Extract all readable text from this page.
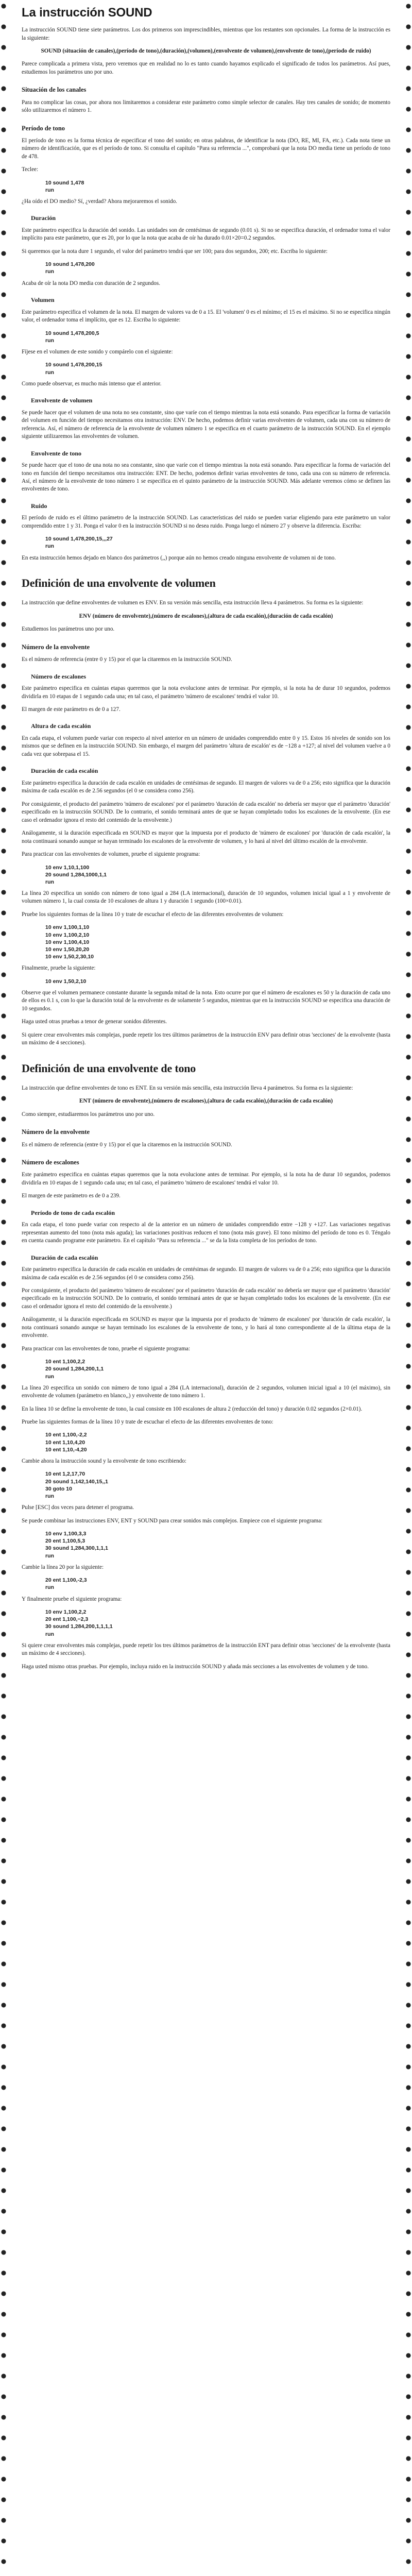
La instrucción SOUND

La instrucción SOUND tiene siete parámetros. Los dos primeros son imprescindibles, mientras que los restantes son opcionales. La forma de la instrucción es la siguiente:

SOUND (situación de canales),(período de tono),(duración),(volumen),(envolvente de volumen),(envolvente de tono),(período de ruido)

Parece complicada a primera vista, pero veremos que en realidad no lo es tanto cuando hayamos explicado el significado de todos los parámetros. Así pues, estudiemos los parámetros uno por uno.

Situación de los canales

Para no complicar las cosas, por ahora nos limitaremos a considerar este parámetro como simple selector de canales. Hay tres canales de sonido; de momento sólo utilizaremos el número 1.

Período de tono

El período de tono es la forma técnica de especificar el tono del sonido; en otras palabras, de identificar la nota (DO, RE, MI, FA, etc.). Cada nota tiene un número de identificación, que es el período de tono. Si consulta el capítulo "Para su referencia ...", comprobará que la nota DO media tiene un período de tono de 478.

Teclee:

10 sound 1,478
run

¿Ha oído el DO medio? Sí, ¿verdad? Ahora mejoraremos el sonido.

Duración

Este parámetro especifica la duración del sonido. Las unidades son de centésimas de segundo (0.01 s). Si no se especifica duración, el ordenador toma el valor implícito para este parámetro, que es 20, por lo que la nota que acaba de oír ha durado 0.01×20=0.2 segundos.

Si queremos que la nota dure 1 segundo, el valor del parámetro tendrá que ser 100; para dos segundos, 200; etc. Escriba lo siguiente:

10 sound 1,478,200
run

Acaba de oír la nota DO media con duración de 2 segundos.

Volumen

Este parámetro especifica el volumen de la nota. El margen de valores va de 0 a 15. El 'volumen' 0 es el mínimo; el 15 es el máximo. Si no se especifica ningún valor, el ordenador toma el implícito, que es 12. Escriba lo siguiente:

10 sound 1,478,200,5
run

Fíjese en el volumen de este sonido y compárelo con el siguiente:

10 sound 1,478,200,15
run

Como puede observar, es mucho más intenso que el anterior.

Envolvente de volumen

Se puede hacer que el volumen de una nota no sea constante, sino que varíe con el tiempo mientras la nota está sonando. Para especificar la forma de variación del volumen en función del tiempo necesitamos otra instrucción: ENV. De hecho, podemos definir varias envolventes de volumen, cada una con su número de referencia. Así, el número de referencia de la envolvente de volumen número 1 se especifica en el cuarto parámetro de la instrucción SOUND. En el ejemplo siguiente utilizaremos las envolventes de volumen.

Envolvente de tono

Se puede hacer que el tono de una nota no sea constante, sino que varíe con el tiempo mientras la nota está sonando. Para especificar la forma de variación del tono en función del tiempo necesitamos otra instrucción: ENT. De hecho, podemos definir varias envolventes de tono, cada una con su número de referencia. Así, el número de la envolvente de tono número 1 se especifica en el quinto parámetro de la instrucción SOUND. Más adelante veremos cómo se definen las envolventes de tono.

Ruido

El período de ruido es el último parámetro de la instrucción SOUND. Las características del ruido se pueden variar eligiendo para este parámetro un valor comprendido entre 1 y 31. Ponga el valor 0 en la instrucción SOUND si no desea ruido. Ponga luego el número 27 y observe la diferencia. Escriba:

10 sound 1,478,200,15,,,27
run

En esta instrucción hemos dejado en blanco dos parámetros (,,) porque aún no hemos creado ninguna envolvente de volumen ni de tono.

Definición de una envolvente de volumen

La instrucción que define envolventes de volumen es ENV. En su versión más sencilla, esta instrucción lleva 4 parámetros. Su forma es la siguiente:

ENV (número de envolvente),(número de escalones),(altura de cada escalón),(duración de cada escalón)

Estudiemos los parámetros uno por uno.

Número de la envolvente

Es el número de referencia (entre 0 y 15) por el que la citaremos en la instrucción SOUND.

Número de escalones

Este parámetro especifica en cuántas etapas queremos que la nota evolucione antes de terminar. Por ejemplo, si la nota ha de durar 10 segundos, podemos dividirla en 10 etapas de 1 segundo cada una; en tal caso, el parámetro 'número de escalones' tendrá el valor 10.

El margen de este parámetro es de 0 a 127.

Altura de cada escalón

En cada etapa, el volumen puede variar con respecto al nivel anterior en un número de unidades comprendido entre 0 y 15. Estos 16 niveles de sonido son los mismos que se definen en la instrucción SOUND. Sin embargo, el margen del parámetro 'altura de escalón' es de −128 a +127; al nivel del volumen vuelve a 0 cada vez que sobrepasa el 15.

Duración de cada escalón

Este parámetro especifica la duración de cada escalón en unidades de centésimas de segundo. El margen de valores va de 0 a 256; esto significa que la duración máxima de cada escalón es de 2.56 segundos (el 0 se considera como 256).

Por consiguiente, el producto del parámetro 'número de escalones' por el parámetro 'duración de cada escalón' no debería ser mayor que el parámetro 'duración' especificado en la instrucción SOUND. De lo contrario, el sonido terminará antes de que se hayan completado todos los escalones de la envolvente. (En ese caso el ordenador ignora el resto del contenido de la envolvente.)

Análogamente, si la duración especificada en SOUND es mayor que la impuesta por el producto de 'número de escalones' por 'duración de cada escalón', la nota continuará sonando aunque se hayan terminado los escalones de la envolvente de volumen, y lo hará al nivel del último escalón de la envolvente.

Para practicar con las envolventes de volumen, pruebe el siguiente programa:

10 env 1,10,1,100
20 sound 1,284,1000,1,1
run

La línea 20 especifica un sonido con número de tono igual a 284 (LA internacional), duración de 10 segundos, volumen inicial igual a 1 y envolvente de volumen número 1, la cual consta de 10 escalones de altura 1 y duración 1 segundo (100×0.01).

Pruebe los siguientes formas de la línea 10 y trate de escuchar el efecto de las diferentes envolventes de volumen:

10 env 1,100,1,10
10 env 1,100,2,10
10 env 1,100,4,10
10 env 1,50,20,20
10 env 1,50,2,30,10

Finalmente, pruebe la siguiente:

10 env 1,50,2,10

Observe que el volumen permanece constante durante la segunda mitad de la nota. Esto ocurre por que el número de escalones es 50 y la duración de cada uno de ellos es 0.1 s, con lo que la duración total de la envolvente es de solamente 5 segundos, mientras que en la instrucción SOUND se especifica una duración de 10 segundos.

Haga usted otras pruebas a tenor de generar sonidos diferentes.

Si quiere crear envolventes más complejas, puede repetir los tres últimos parámetros de la instrucción ENV para definir otras 'secciones' de la envolvente (hasta un máximo de 4 secciones).

Definición de una envolvente de tono

La instrucción que define envolventes de tono es ENT. En su versión más sencilla, esta instrucción lleva 4 parámetros. Su forma es la siguiente:

ENT (número de envolvente),(número de escalones),(altura de cada escalón),(duración de cada escalón)

Como siempre, estudiaremos los parámetros uno por uno.

Número de la envolvente

Es el número de referencia (entre 0 y 15) por el que la citaremos en la instrucción SOUND.

Número de escalones

Este parámetro especifica en cuántas etapas queremos que la nota evolucione antes de terminar. Por ejemplo, si la nota ha de durar 10 segundos, podemos dividirla en 10 etapas de 1 segundo cada una; en tal caso, el parámetro 'número de escalones' tendrá el valor 10.

El margen de este parámetro es de 0 a 239.

Período de tono de cada escalón

En cada etapa, el tono puede variar con respecto al de la anterior en un número de unidades comprendido entre −128 y +127. Las variaciones negativas representan aumento del tono (nota más aguda); las variaciones positivas reducen el tono (nota más grave). El tono mínimo del período de tono es 0. Téngalo en cuenta cuando programe este parámetro. En el capítulo "Para su referencia ..." se da la lista completa de los períodos de tono.

Duración de cada escalón

Este parámetro especifica la duración de cada escalón en unidades de centésimas de segundo. El margen de valores va de 0 a 256; esto significa que la duración máxima de cada escalón es de 2.56 segundos (el 0 se considera como 256).

Por consiguiente, el producto del parámetro 'número de escalones' por el parámetro 'duración de cada escalón' no debería ser mayor que el parámetro 'duración' especificado en la instrucción SOUND. De lo contrario, el sonido terminará antes de que se hayan completado todos los escalones de la envolvente. (En ese caso el ordenador ignora el resto del contenido de la envolvente.)

Análogamente, si la duración especificada en SOUND es mayor que la impuesta por el producto de 'número de escalones' por 'duración de cada escalón', la nota continuará sonando aunque se hayan terminado los escalones de la envolvente de tono, y lo hará al tono correspondiente al de la última etapa de la envolvente.

Para practicar con las envolventes de tono, pruebe el siguiente programa:

10 ent 1,100,2,2
20 sound 1,284,200,1,1
run

La línea 20 especifica un sonido con número de tono igual a 284 (LA internacional), duración de 2 segundos, volumen inicial igual a 10 (el máximo), sin envolvente de volumen (parámetro en blanco,,) y envolvente de tono número 1.

En la línea 10 se define la envolvente de tono, la cual consiste en 100 escalones de altura 2 (reducción del tono) y duración 0.02 segundos (2×0.01).

Pruebe las siguientes formas de la línea 10 y trate de escuchar el efecto de las diferentes envolventes de tono:

10 ent 1,100,-2,2
10 ent 1,10,4,20
10 ent 1,10,-4,20

Cambie ahora la instrucción sound y la envolvente de tono escribiendo:

10 ent 1,2,17,70
20 sound 1,142,140,15,,1
30 goto 10
run

Pulse [ESC] dos veces para detener el programa.

Se puede combinar las instrucciones ENV, ENT y SOUND para crear sonidos más complejos. Empiece con el siguiente programa:

10 env 1,100,3,3
20 ent 1,100,5,3
30 sound 1,284,300,1,1,1
run

Cambie la línea 20 por la siguiente:

20 ent 1,100,-2,3
run

Y finalmente pruebe el siguiente programa:

10 env 1,100,2,2
20 ent 1,100,−2,3
30 sound 1,284,200,1,1,1,1
run

Si quiere crear envolventes más complejas, puede repetir los tres últimos parámetros de la instrucción ENT para definir otras 'secciones' de la envolvente (hasta un máximo de 4 secciones).

Haga usted mismo otras pruebas. Por ejemplo, incluya ruido en la instrucción SOUND y añada más secciones a las envolventes de volumen y de tono.
